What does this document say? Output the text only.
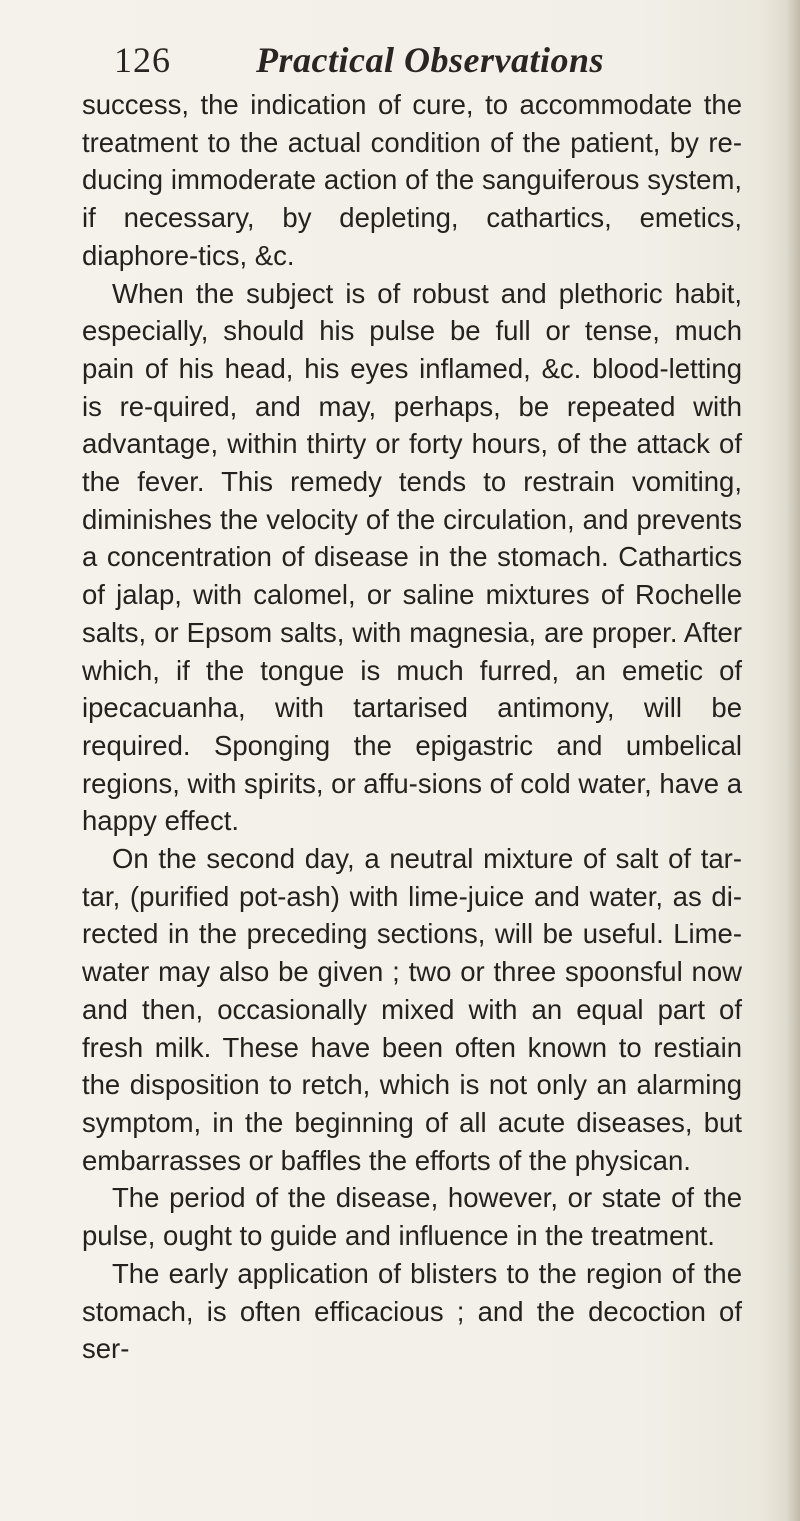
126 Practical Observations

success, the indication of cure, to accommodate the treatment to the actual condition of the patient, by re-ducing immoderate action of the sanguiferous system, if necessary, by depleting, cathartics, emetics, diaphore-tics, &c.

When the subject is of robust and plethoric habit, especially, should his pulse be full or tense, much pain of his head, his eyes inflamed, &c. blood-letting is re-quired, and may, perhaps, be repeated with advantage, within thirty or forty hours, of the attack of the fever. This remedy tends to restrain vomiting, diminishes the velocity of the circulation, and prevents a concentration of disease in the stomach. Cathartics of jalap, with calomel, or saline mixtures of Rochelle salts, or Epsom salts, with magnesia, are proper. After which, if the tongue is much furred, an emetic of ipecacuanha, with tartarised antimony, will be required. Sponging the epigastric and umbelical regions, with spirits, or affu-sions of cold water, have a happy effect.

On the second day, a neutral mixture of salt of tar-tar, (purified pot-ash) with lime-juice and water, as di-rected in the preceding sections, will be useful. Lime-water may also be given ; two or three spoonsful now and then, occasionally mixed with an equal part of fresh milk. These have been often known to restiain the disposition to retch, which is not only an alarming symptom, in the beginning of all acute diseases, but embarrasses or baffles the efforts of the physican.

The period of the disease, however, or state of the pulse, ought to guide and influence in the treatment.

The early application of blisters to the region of the stomach, is often efficacious ; and the decoction of ser-
